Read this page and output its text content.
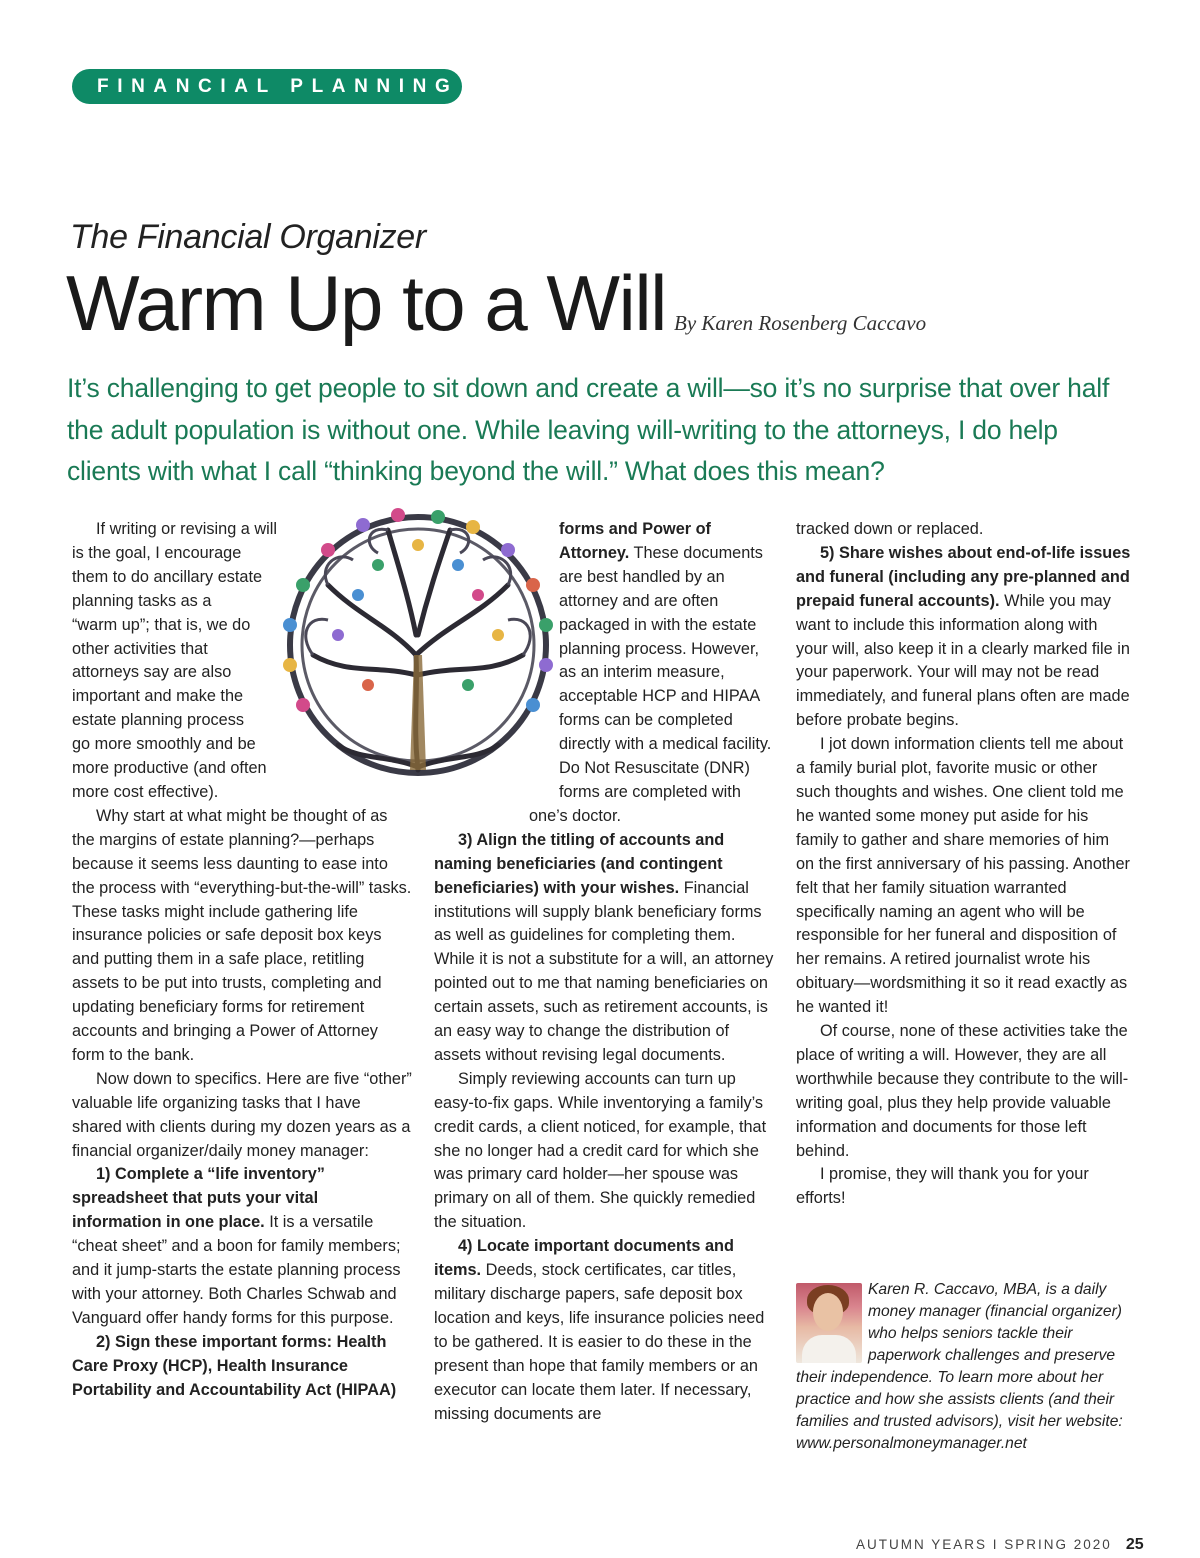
FINANCIAL PLANNING
The Financial Organizer
Warm Up to a Will By Karen Rosenberg Caccavo
It’s challenging to get people to sit down and create a will—so it’s no surprise that over half the adult population is without one. While leaving will-writing to the attorneys, I do help clients with what I call “thinking beyond the will.” What does this mean?

If writing or revising a will is the goal, I encourage them to do ancillary estate planning tasks as a “warm up”; that is, we do other activities that attorneys say are also important and make the estate planning process go more smoothly and be more productive (and often more cost effective).

Why start at what might be thought of as the margins of estate planning?—perhaps because it seems less daunting to ease into the process with “everything-but-the-will” tasks. These tasks might include gathering life insurance policies or safe deposit box keys and putting them in a safe place, retitling assets to be put into trusts, completing and updating beneficiary forms for retirement accounts and bringing a Power of Attorney form to the bank.

Now down to specifics. Here are five “other” valuable life organizing tasks that I have shared with clients during my dozen years as a financial organizer/daily money manager:

1) Complete a “life inventory” spreadsheet that puts your vital information in one place. It is a versatile “cheat sheet” and a boon for family members; and it jump-starts the estate planning process with your attorney. Both Charles Schwab and Vanguard offer handy forms for this purpose.

2) Sign these important forms: Health Care Proxy (HCP), Health Insurance Portability and Accountability Act (HIPAA)

forms and Power of Attorney. These documents are best handled by an attorney and are often packaged in with the estate planning process. However, as an interim measure, acceptable HCP and HIPAA forms can be completed directly with a medical facility. Do Not Resuscitate (DNR) forms are completed with one’s doctor.

3) Align the titling of accounts and naming beneficiaries (and contingent beneficiaries) with your wishes. Financial institutions will supply blank beneficiary forms as well as guidelines for completing them. While it is not a substitute for a will, an attorney pointed out to me that naming beneficiaries on certain assets, such as retirement accounts, is an easy way to change the distribution of assets without revising legal documents.

Simply reviewing accounts can turn up easy-to-fix gaps. While inventorying a family’s credit cards, a client noticed, for example, that she no longer had a credit card for which she was primary card holder—her spouse was primary on all of them. She quickly remedied the situation.

4) Locate important documents and items. Deeds, stock certificates, car titles, military discharge papers, safe deposit box location and keys, life insurance policies need to be gathered. It is easier to do these in the present than hope that family members or an executor can locate them later. If necessary, missing documents are

tracked down or replaced.

5) Share wishes about end-of-life issues and funeral (including any pre-planned and prepaid funeral accounts). While you may want to include this information along with your will, also keep it in a clearly marked file in your paperwork. Your will may not be read immediately, and funeral plans often are made before probate begins.

I jot down information clients tell me about a family burial plot, favorite music or other such thoughts and wishes. One client told me he wanted some money put aside for his family to gather and share memories of him on the first anniversary of his passing. Another felt that her family situation warranted specifically naming an agent who will be responsible for her funeral and disposition of her remains. A retired journalist wrote his obituary—wordsmithing it so it read exactly as he wanted it!

Of course, none of these activities take the place of writing a will. However, they are all worthwhile because they contribute to the will-writing goal, plus they help provide valuable information and documents for those left behind.

I promise, they will thank you for your efforts!

Karen R. Caccavo, MBA, is a daily money manager (financial organizer) who helps seniors tackle their paperwork challenges and preserve their independence. To learn more about her practice and how she assists clients (and their families and trusted advisors), visit her website: www.personalmoneymanager.net
AUTUMN YEARS I SPRING 2020 25
